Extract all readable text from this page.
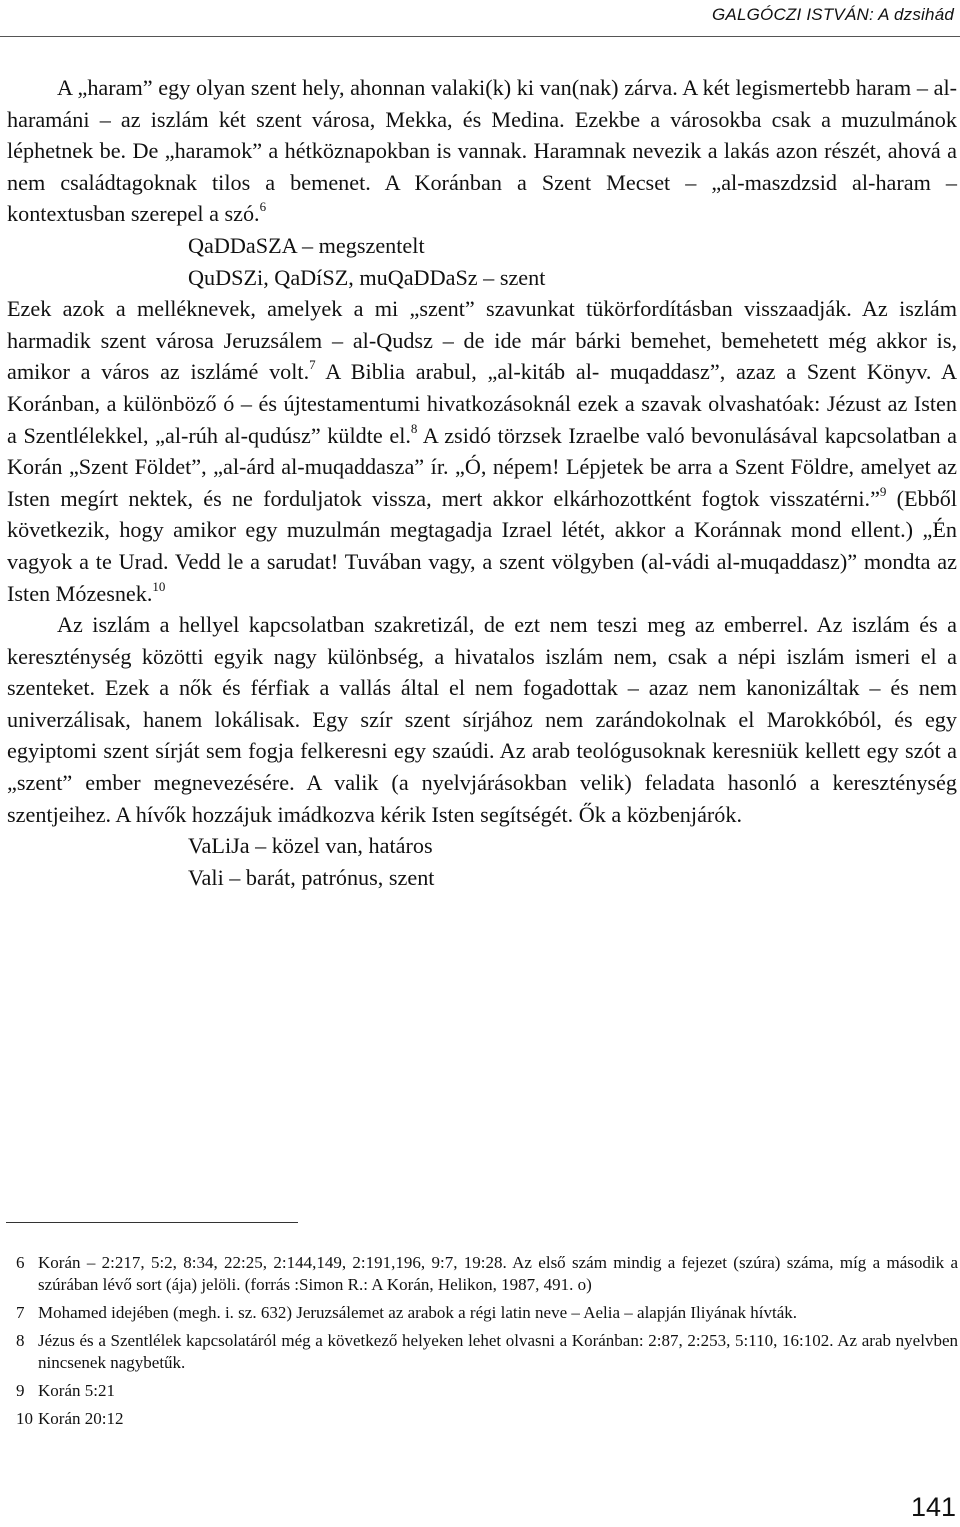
GALGÓCZI ISTVÁN: A dzsihád

A „haram” egy olyan szent hely, ahonnan valaki(k) ki van(nak) zárva. A két legismertebb haram – al-haramáni – az iszlám két szent városa, Mekka, és Medina. Ezekbe a városokba csak a muzulmánok léphetnek be. De „haramok” a hétköznapokban is vannak. Haramnak nevezik a lakás azon részét, ahová a nem családtagoknak tilos a bemenet. A Koránban a Szent Mecset – „al-maszdzsid al-haram – kontextusban szerepel a szó.$^6$

QaDDaSZA – megszentelt

QuDSZi, QaDíSZ, muQaDDaSz – szent

Ezek azok a melléknevek, amelyek a mi „szent” szavunkat tükörfordításban visszaadják. Az iszlám harmadik szent városa Jeruzsálem – al-Qudsz – de ide már bárki bemehet, bemehetett még akkor is, amikor a város az iszlámé volt.$^7$ A Biblia arabul, „al-kitáb al- muqaddasz”, azaz a Szent Könyv. A Koránban, a különböző ó – és újtestamentumi hivatkozásoknál ezek a szavak olvashatóak: Jézust az Isten a Szentlélekkel, „al-rúh al-qudúsz” küldte el.$^8$ A zsidó törzsek Izraelbe való bevonulásával kapcsolatban a Korán „Szent Földet”, „al-árd al-muqaddasza” ír. „Ó, népem! Lépjetek be arra a Szent Földre, amelyet az Isten megírt nektek, és ne forduljatok vissza, mert akkor elkárhozottként fogtok visszatérni.”$^9$ (Ebből következik, hogy amikor egy muzulmán megtagadja Izrael létét, akkor a Koránnak mond ellent.) „Én vagyok a te Urad. Vedd le a sarudat! Tuvában vagy, a szent völgyben (al-vádi al-muqaddasz)” mondta az Isten Mózesnek.$^{10}$

Az iszlám a hellyel kapcsolatban szakretizál, de ezt nem teszi meg az emberrel. Az iszlám és a kereszténység közötti egyik nagy különbség, a hivatalos iszlám nem, csak a népi iszlám ismeri el a szenteket. Ezek a nők és férfiak a vallás által el nem fogadottak – azaz nem kanonizáltak – és nem univerzálisak, hanem lokálisak. Egy szír szent sírjához nem zarándokolnak el Marokkóból, és egy egyiptomi szent sírját sem fogja felkeresni egy szaúdi. Az arab teológusoknak keresniük kellett egy szót a „szent” ember megnevezésére. A valik (a nyelvjárásokban velik) feladata hasonló a kereszténység szentjeihez. A hívők hozzájuk imádkozva kérik Isten segítségét. Ők a közbenjárók.

VaLiJa – közel van, határos

Vali – barát, patrónus, szent

6 Korán – 2:217, 5:2, 8:34, 22:25, 2:144,149, 2:191,196, 9:7, 19:28. Az első szám mindig a fejezet (szúra) száma, míg a második a szúrában lévő sort (ája) jelöli. (forrás :Simon R.: A Korán, Helikon, 1987, 491. o)
7 Mohamed idejében (megh. i. sz. 632) Jeruzsálemet az arabok a régi latin neve – Aelia – alapján Iliyának hívták.
8 Jézus és a Szentlélek kapcsolatáról még a következő helyeken lehet olvasni a Koránban: 2:87, 2:253, 5:110, 16:102. Az arab nyelvben nincsenek nagybetűk.
9 Korán 5:21
10 Korán 20:12
141
